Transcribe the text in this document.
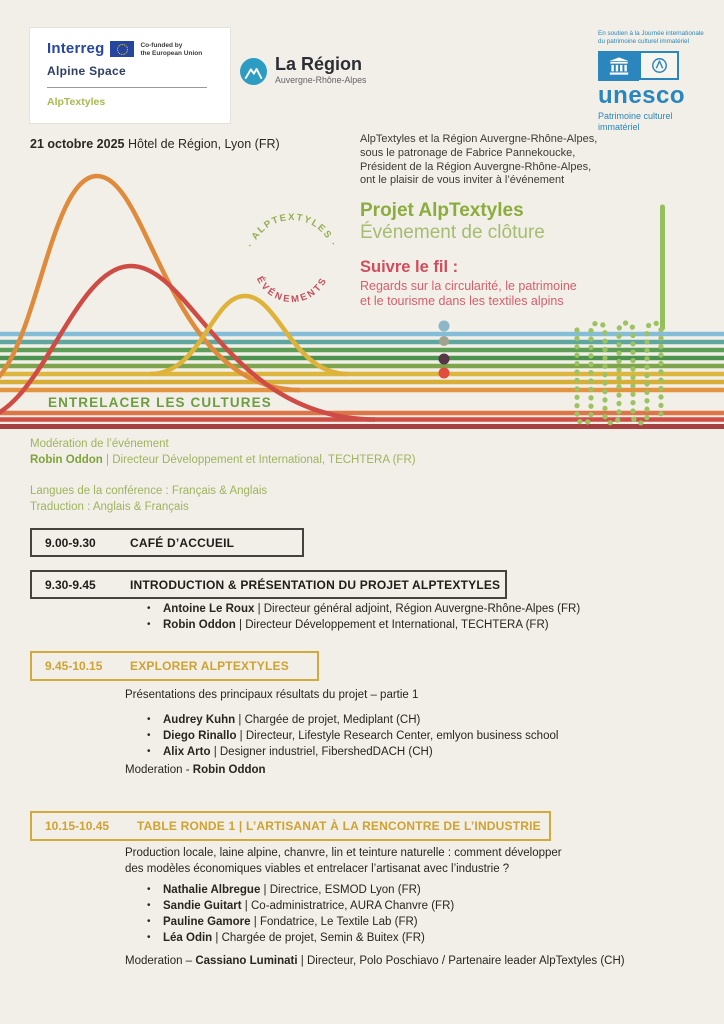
· ALPTEXTYLES ·
ÉVÉNEMENTS
Interreg	Co-funded by
the European Union
Alpine Space
AlpTextyles
La Région
Auvergne-Rhône-Alpes
En soutien à la Journée internationale
du patrimoine culturel immatériel
unesco
Patrimoine culturel
immatériel
21 octobre 2025 Hôtel de Région, Lyon (FR)	AlpTextyles et la Région Auvergne-Rhône-Alpes,
sous le patronage de Fabrice Pannekoucke,
Président de la Région Auvergne-Rhône-Alpes,
ont le plaisir de vous inviter à l’événement
Projet AlpTextyles
Événement de clôture
Suivre le fil :
Regards sur la circularité, le patrimoine
et le tourisme dans les textiles alpins
ENTRELACER LES CULTURES
Modération de l’événement
Robin Oddon | Directeur Développement et International, TECHTERA (FR)
Langues de la conférence : Français & Anglais
Traduction : Anglais & Français
9.00-9.30	CAFÉ D’ACCUEIL
9.30-9.45	INTRODUCTION & PRÉSENTATION DU PROJET ALPTEXTYLES
•	Antoine Le Roux | Directeur général adjoint, Région Auvergne-Rhône-Alpes (FR)
•	Robin Oddon | Directeur Développement et International, TECHTERA (FR)
9.45-10.15	EXPLORER ALPTEXTYLES
Présentations des principaux résultats du projet – partie 1
•	Audrey Kuhn | Chargée de projet, Mediplant (CH)
•	Diego Rinallo | Directeur, Lifestyle Research Center, emlyon business school
•	Alix Arto | Designer industriel, FibershedDACH (CH)
Moderation - Robin Oddon
10.15-10.45	TABLE RONDE 1 | L’ARTISANAT À LA RENCONTRE DE L’INDUSTRIE
Production locale, laine alpine, chanvre, lin et teinture naturelle : comment développer
des modèles économiques viables et entrelacer l’artisanat avec l’industrie ?
•	Nathalie Albregue | Directrice, ESMOD Lyon (FR)
•	Sandie Guitart | Co-administratrice, AURA Chanvre (FR)
•	Pauline Gamore | Fondatrice, Le Textile Lab (FR)
•	Léa Odin | Chargée de projet, Semin & Buitex (FR)
Moderation – Cassiano Luminati | Directeur, Polo Poschiavo / Partenaire leader AlpTextyles (CH)
